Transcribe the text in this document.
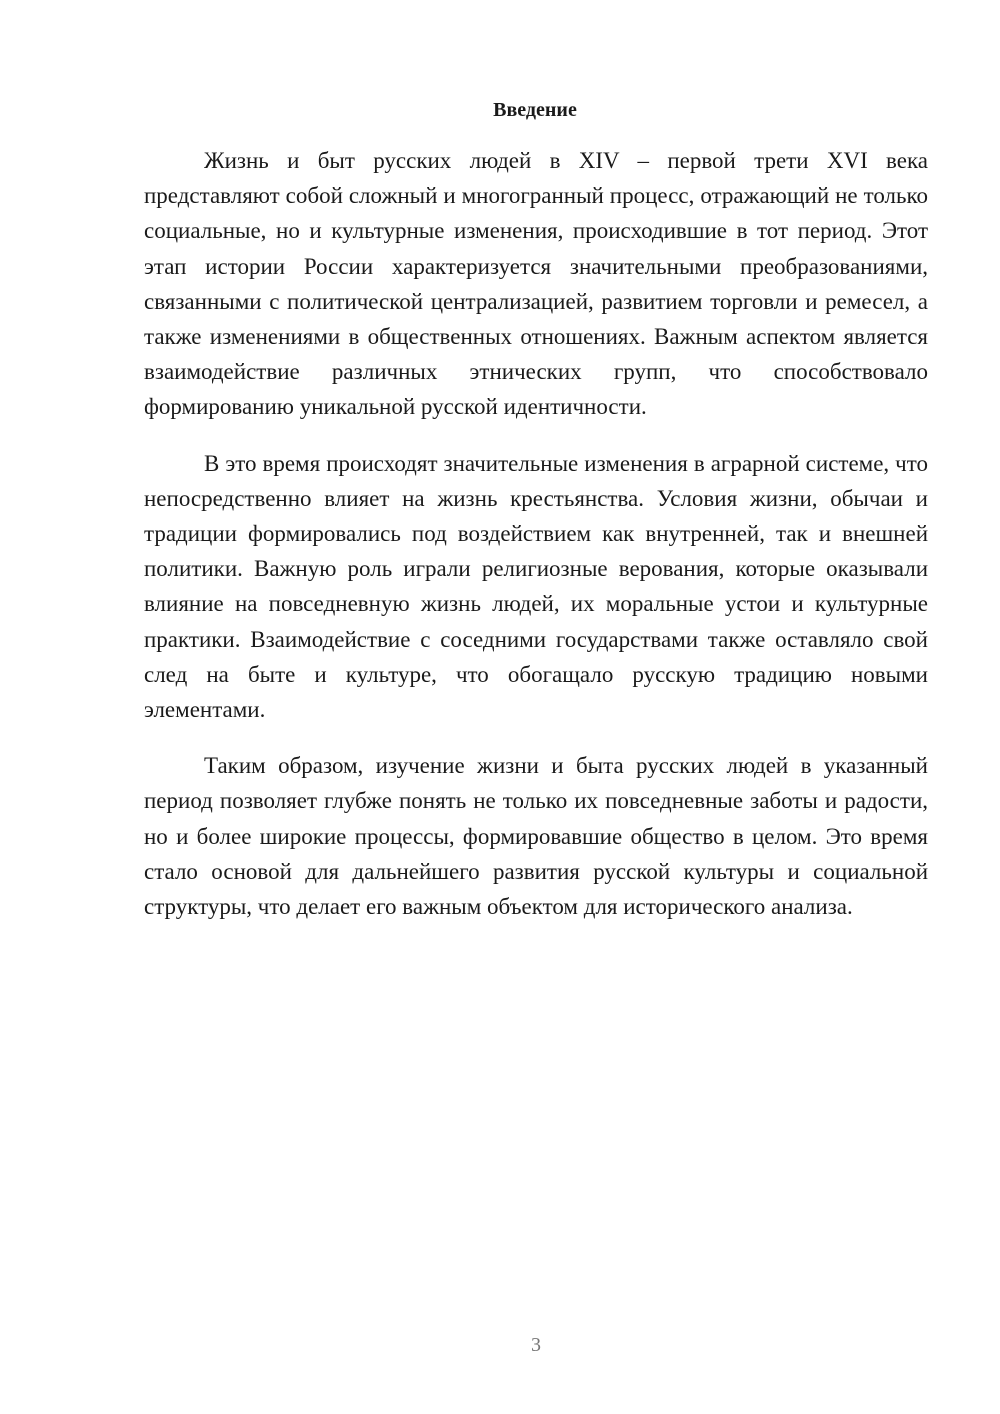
Введение

Жизнь и быт русских людей в XIV – первой трети XVI века представляют собой сложный и многогранный процесс, отражающий не только социальные, но и культурные изменения, происходившие в тот период. Этот этап истории России характеризуется значительными преобразованиями, связанными с политической централизацией, развитием торговли и ремесел, а также изменениями в общественных отношениях. Важным аспектом является взаимодействие различных этнических групп, что способствовало формированию уникальной русской идентичности.

В это время происходят значительные изменения в аграрной системе, что непосредственно влияет на жизнь крестьянства. Условия жизни, обычаи и традиции формировались под воздействием как внутренней, так и внешней политики. Важную роль играли религиозные верования, которые оказывали влияние на повседневную жизнь людей, их моральные устои и культурные практики. Взаимодействие с соседними государствами также оставляло свой след на быте и культуре, что обогащало русскую традицию новыми элементами.

Таким образом, изучение жизни и быта русских людей в указанный период позволяет глубже понять не только их повседневные заботы и радости, но и более широкие процессы, формировавшие общество в целом. Это время стало основой для дальнейшего развития русской культуры и социальной структуры, что делает его важным объектом для исторического анализа.

3
